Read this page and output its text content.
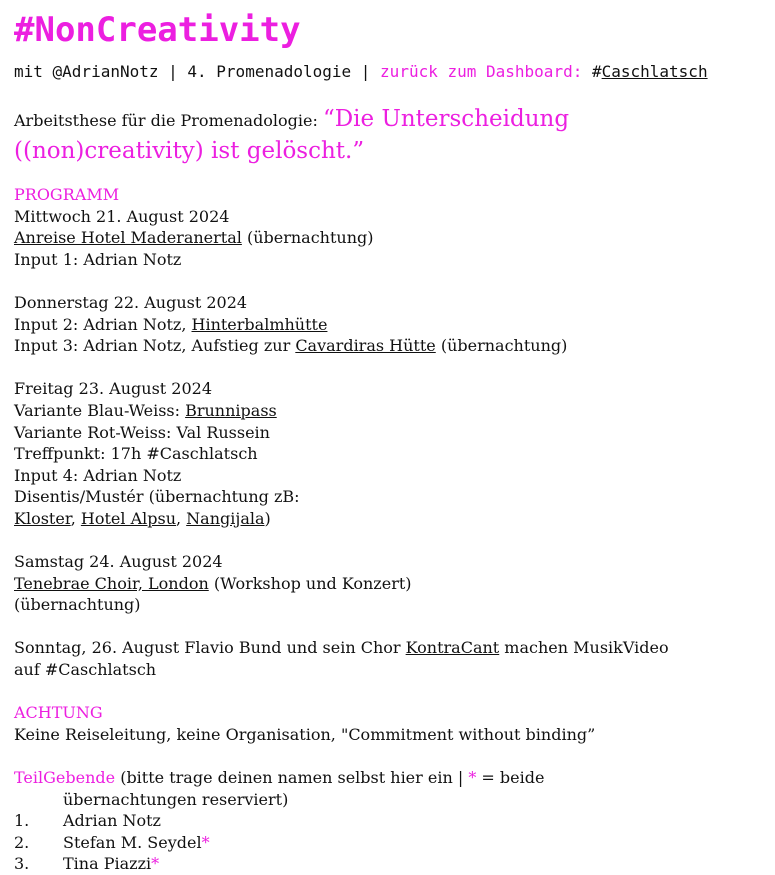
#NonCreativity
mit @AdrianNotz | 4. Promenadologie | zurück zum Dashboard: #Caschlatsch
Arbeitsthese für die Promenadologie: “Die Unterscheidung
((non)creativity) ist gelöscht.”
PROGRAMM
Mittwoch 21. August 2024
Anreise Hotel Maderanertal (übernachtung)
Input 1: Adrian Notz
Donnerstag 22. August 2024
Input 2: Adrian Notz, Hinterbalmhütte
Input 3: Adrian Notz, Aufstieg zur Cavardiras Hütte (übernachtung)
Freitag 23. August 2024
Variante Blau-Weiss: Brunnipass
Variante Rot-Weiss: Val Russein
Treffpunkt: 17h #Caschlatsch
Input 4: Adrian Notz
Disentis/Mustér (übernachtung zB:
Kloster, Hotel Alpsu, Nangijala)
Samstag 24. August 2024
Tenebrae Choir, London (Workshop und Konzert)
(übernachtung)
Sonntag, 26. August Flavio Bund und sein Chor KontraCant machen MusikVideo
auf #Caschlatsch
ACHTUNG
Keine Reiseleitung, keine Organisation, "Commitment without binding”
TeilGebende (bitte trage deinen namen selbst hier ein | * = beide
übernachtungen reserviert)
1.	Adrian Notz
2.	Stefan M. Seydel *
3.	Tina Piazzi *
